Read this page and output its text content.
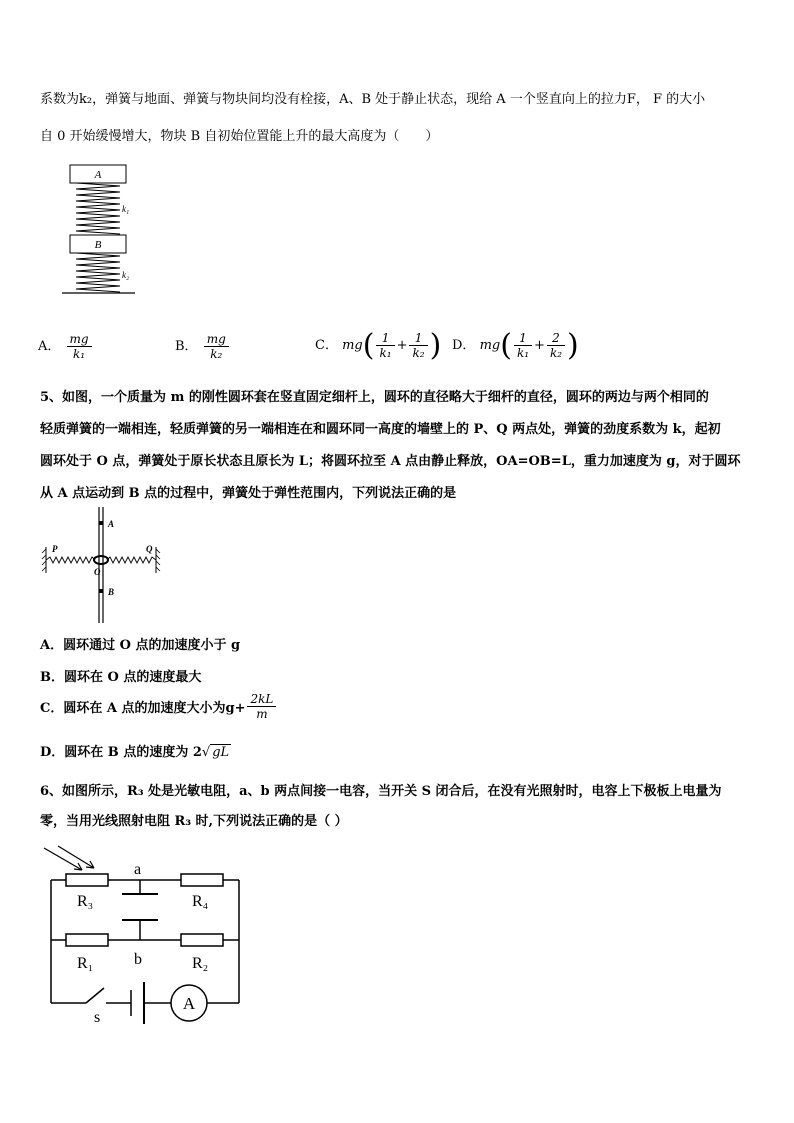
系数为k₂，弹簧与地面、弹簧与物块间均没有栓接，A、B 处于静止状态，现给 A 一个竖直向上的拉力F， F 的大小
自 0 开始缓慢增大，物块 B 自初始位置能上升的最大高度为（　　）
A
k₁
B
k₂
A． $\frac{mg}{\text{k₁}}$	B． $\frac{mg}{\text{k₂}}$	C． $mg( \frac{1}{\text{k₁}} + \frac{1}{\text{k₂}}$ ) D． $mg( \frac{1}{\text{k₁}} + \frac{2}{\text{k₂}}$ )
5、如图，一个质量为 m 的刚性圆环套在竖直固定细杆上，圆环的直径略大于细杆的直径，圆环的两边与两个相同的
轻质弹簧的一端相连，轻质弹簧的另一端相连在和圆环同一高度的墙壁上的 P、Q 两点处，弹簧的劲度系数为 k，起初
圆环处于 O 点，弹簧处于原长状态且原长为 L；将圆环拉至 A 点由静止释放，OA=OB=L，重力加速度为 g，对于圆环
从 A 点运动到 B 点的过程中，弹簧处于弹性范围内，下列说法正确的是
P	Q
A
O
B
A．圆环通过 O 点的加速度小于 g
B．圆环在 O 点的速度最大
C．圆环在 A 点的加速度大小为$g+ \frac{2kL}{m}$
D．圆环在 B 点的速度为 2√ gL
6、如图所示，R₃ 处是光敏电阻，a、b 两点间接一电容，当开关 S 闭合后，在没有光照射时，电容上下极板上电量为
零，当用光线照射电阻 R₃ 时,下列说法正确的是（ ）
R₃	R₄
R₁	R₂
a
b
s
A
